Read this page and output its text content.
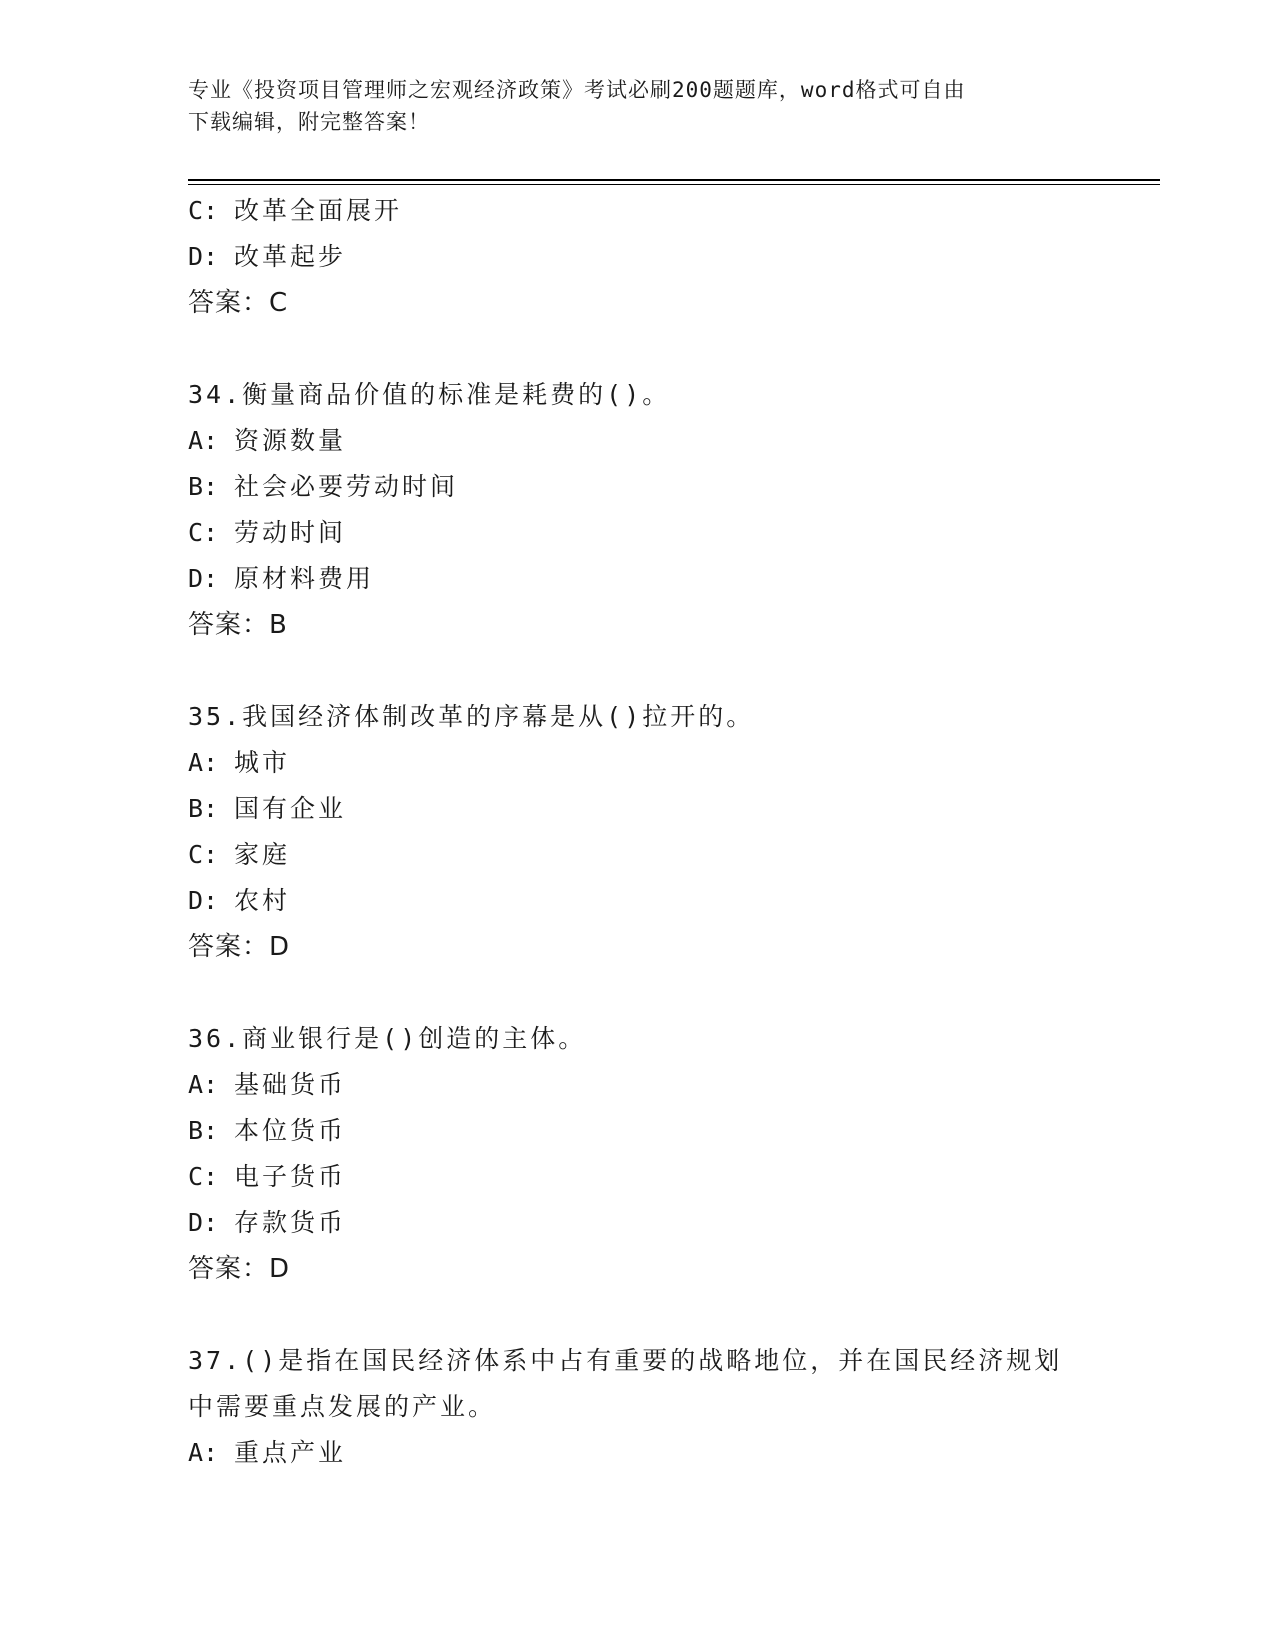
专业《投资项目管理师之宏观经济政策》考试必刷200题题库，word格式可自由
下载编辑，附完整答案！
C: 改革全面展开
D: 改革起步
答案：C
34.衡量商品价值的标准是耗费的()。
A: 资源数量
B: 社会必要劳动时间
C: 劳动时间
D: 原材料费用
答案：B
35.我国经济体制改革的序幕是从()拉开的。
A: 城市
B: 国有企业
C: 家庭
D: 农村
答案：D
36.商业银行是()创造的主体。
A: 基础货币
B: 本位货币
C: 电子货币
D: 存款货币
答案：D
37.()是指在国民经济体系中占有重要的战略地位，并在国民经济规划
中需要重点发展的产业。
A: 重点产业
